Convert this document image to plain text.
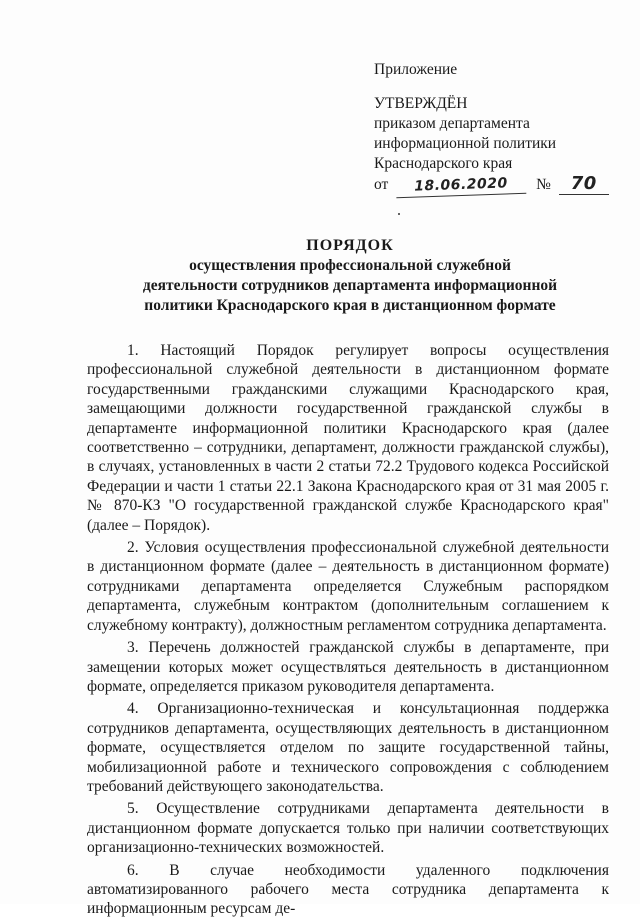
Приложение
УТВЕРЖДЁН
приказом департамента
информационной политики
Краснодарского края
от 18.06.2020 № 70
ПОРЯДОК
осуществления профессиональной служебной
деятельности сотрудников департамента информационной
политики Краснодарского края в дистанционном формате

1. Настоящий Порядок регулирует вопросы осуществления профессиональной служебной деятельности в дистанционном формате государственными гражданскими служащими Краснодарского края, замещающими должности государственной гражданской службы в департаменте информационной политики Краснодарского края (далее соответственно – сотрудники, департамент, должности гражданской службы), в случаях, установленных в части 2 статьи 72.2 Трудового кодекса Российской Федерации и части 1 статьи 22.1 Закона Краснодарского края от 31 мая 2005 г. № 870-КЗ "О государственной гражданской службе Краснодарского края" (далее – Порядок).

2. Условия осуществления профессиональной служебной деятельности в дистанционном формате (далее – деятельность в дистанционном формате) сотрудниками департамента определяется Служебным распорядком департамента, служебным контрактом (дополнительным соглашением к служебному контракту), должностным регламентом сотрудника департамента.

3. Перечень должностей гражданской службы в департаменте, при замещении которых может осуществляться деятельность в дистанционном формате, определяется приказом руководителя департамента.

4. Организационно-техническая и консультационная поддержка сотрудников департамента, осуществляющих деятельность в дистанционном формате, осуществляется отделом по защите государственной тайны, мобилизационной работе и технического сопровождения с соблюдением требований действующего законодательства.

5. Осуществление сотрудниками департамента деятельности в дистанционном формате допускается только при наличии соответствующих организационно-технических возможностей.

6. В случае необходимости удаленного подключения автоматизированного рабочего места сотрудника департамента к информационным ресурсам де-
